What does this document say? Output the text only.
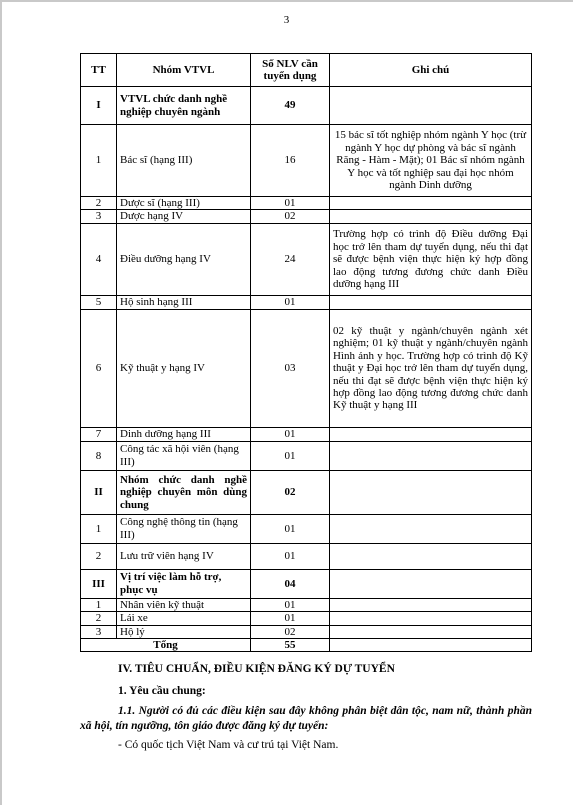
3
TT	Nhóm VTVL	Số NLV cần tuyển dụng	Ghi chú
I	VTVL chức danh nghề nghiệp chuyên ngành	49	
1	Bác sĩ (hạng III)	16	15 bác sĩ tốt nghiệp nhóm ngành Y học (trừ ngành Y học dự phòng và bác sĩ ngành Răng - Hàm - Mặt); 01 Bác sĩ nhóm ngành Y học và tốt nghiệp sau đại học nhóm ngành Dinh dưỡng
2	Dược sĩ (hạng III)	01	
3	Dược hạng IV	02	
4	Điều dưỡng hạng IV	24	Trường hợp có trình độ Điều dưỡng Đại học trở lên tham dự tuyển dụng, nếu thi đạt sẽ được bệnh viện thực hiện ký hợp đồng lao động tương đương chức danh Điều dưỡng hạng III
5	Hộ sinh hạng III	01	
6	Kỹ thuật y hạng IV	03	02 kỹ thuật y ngành/chuyên ngành xét nghiệm; 01 kỹ thuật y ngành/chuyên ngành Hình ảnh y học. Trường hợp có trình độ Kỹ thuật y Đại học trở lên tham dự tuyển dụng, nếu thi đạt sẽ được bệnh viện thực hiện ký hợp đồng lao động tương đương chức danh Kỹ thuật y hạng III
7	Dinh dưỡng hạng III	01	
8	Công tác xã hội viên (hạng III)	01	
II	Nhóm chức danh nghề nghiệp chuyên môn dùng chung	02	
1	Công nghệ thông tin (hạng III)	01	
2	Lưu trữ viên hạng IV	01	
III	Vị trí việc làm hỗ trợ, phục vụ	04	
1	Nhân viên kỹ thuật	01	
2	Lái xe	01	
3	Hộ lý	02	
Tổng		55	
IV. TIÊU CHUẨN, ĐIỀU KIỆN ĐĂNG KÝ DỰ TUYỂN
1. Yêu cầu chung:
1.1. Người có đủ các điều kiện sau đây không phân biệt dân tộc, nam nữ, thành phần xã hội, tín ngưỡng, tôn giáo được đăng ký dự tuyển:
- Có quốc tịch Việt Nam và cư trú tại Việt Nam.
